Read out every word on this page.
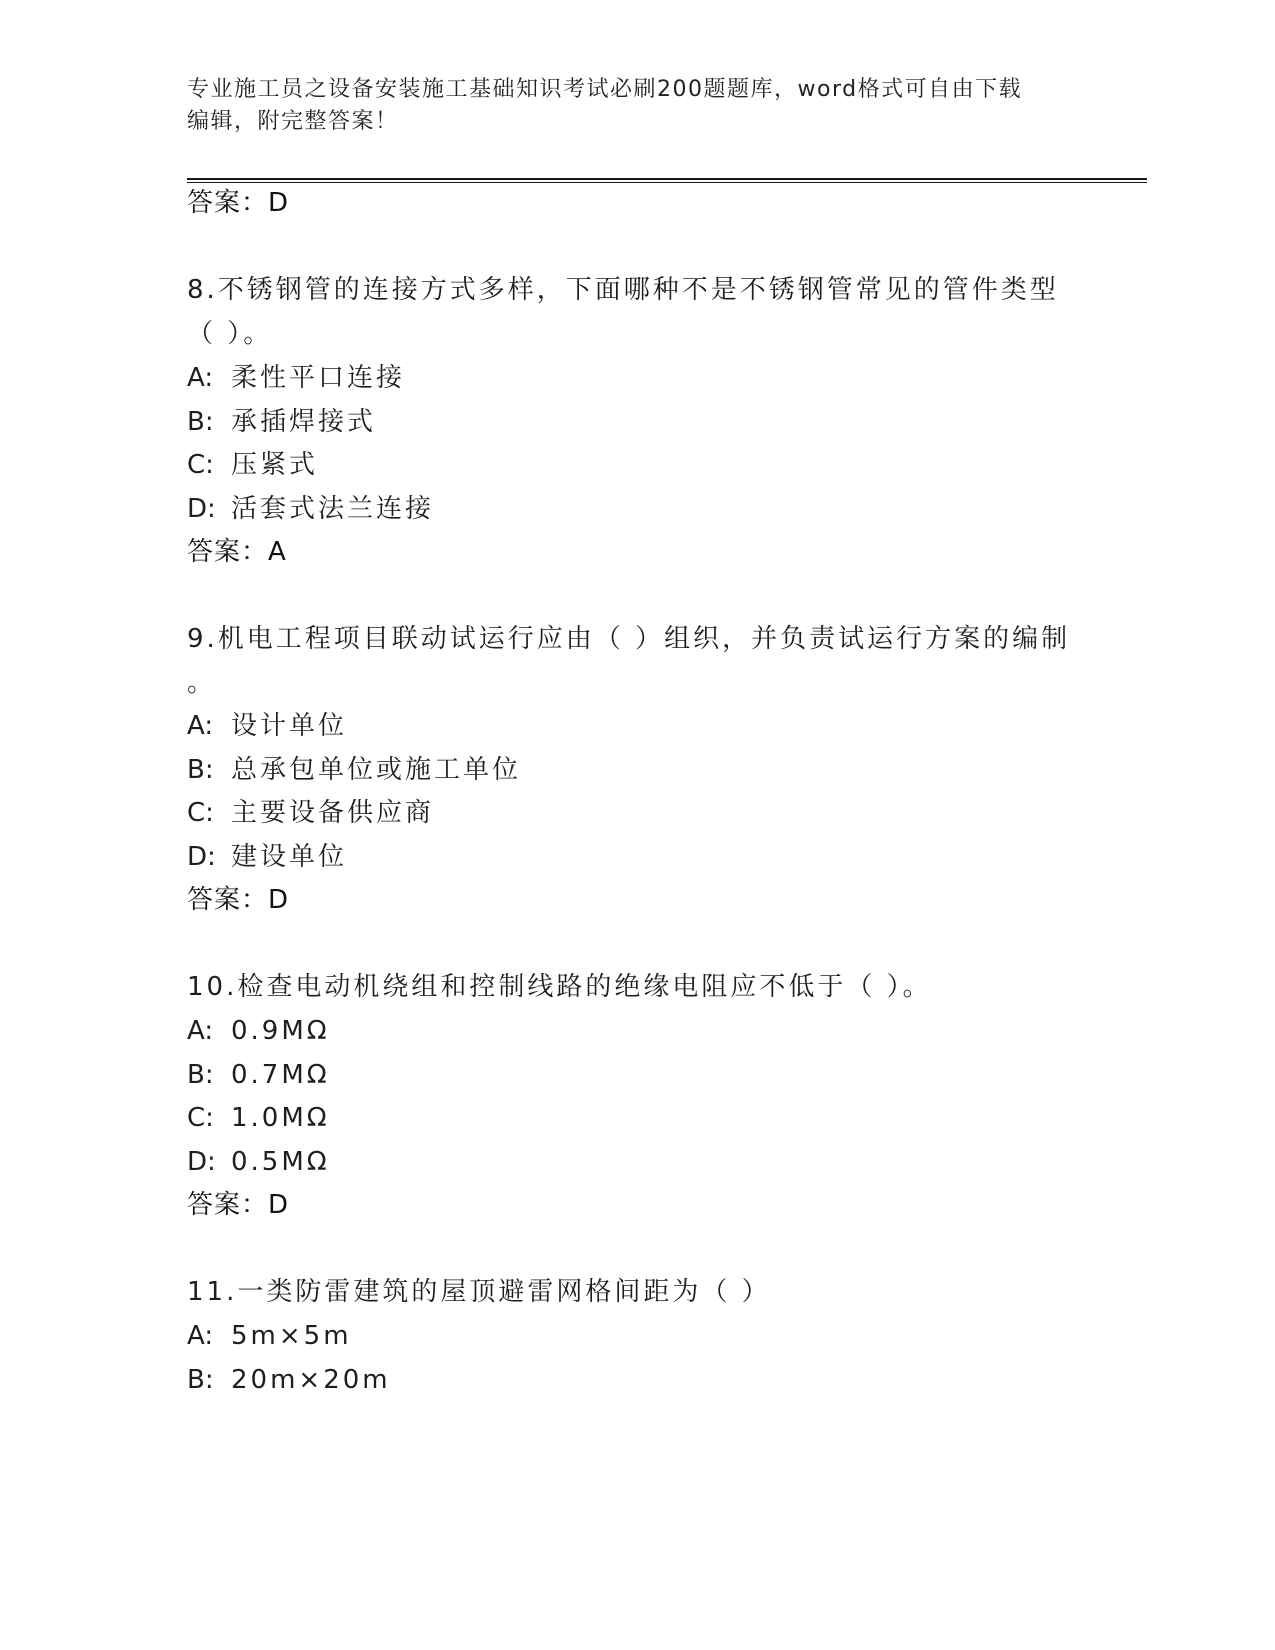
专业施工员之设备安装施工基础知识考试必刷200题题库，word格式可自由下载
编辑，附完整答案！
答案：D
8.不锈钢管的连接方式多样，下面哪种不是不锈钢管常见的管件类型
（ ）。
A: 柔性平口连接
B: 承插焊接式
C: 压紧式
D: 活套式法兰连接
答案：A
9.机电工程项目联动试运行应由（ ）组织，并负责试运行方案的编制
。
A: 设计单位
B: 总承包单位或施工单位
C: 主要设备供应商
D: 建设单位
答案：D
10.检查电动机绕组和控制线路的绝缘电阻应不低于（ ）。
A: 0.9MΩ
B: 0.7MΩ
C: 1.0MΩ
D: 0.5MΩ
答案：D
11.一类防雷建筑的屋顶避雷网格间距为（ ）
A: 5m×5m
B: 20m×20m
